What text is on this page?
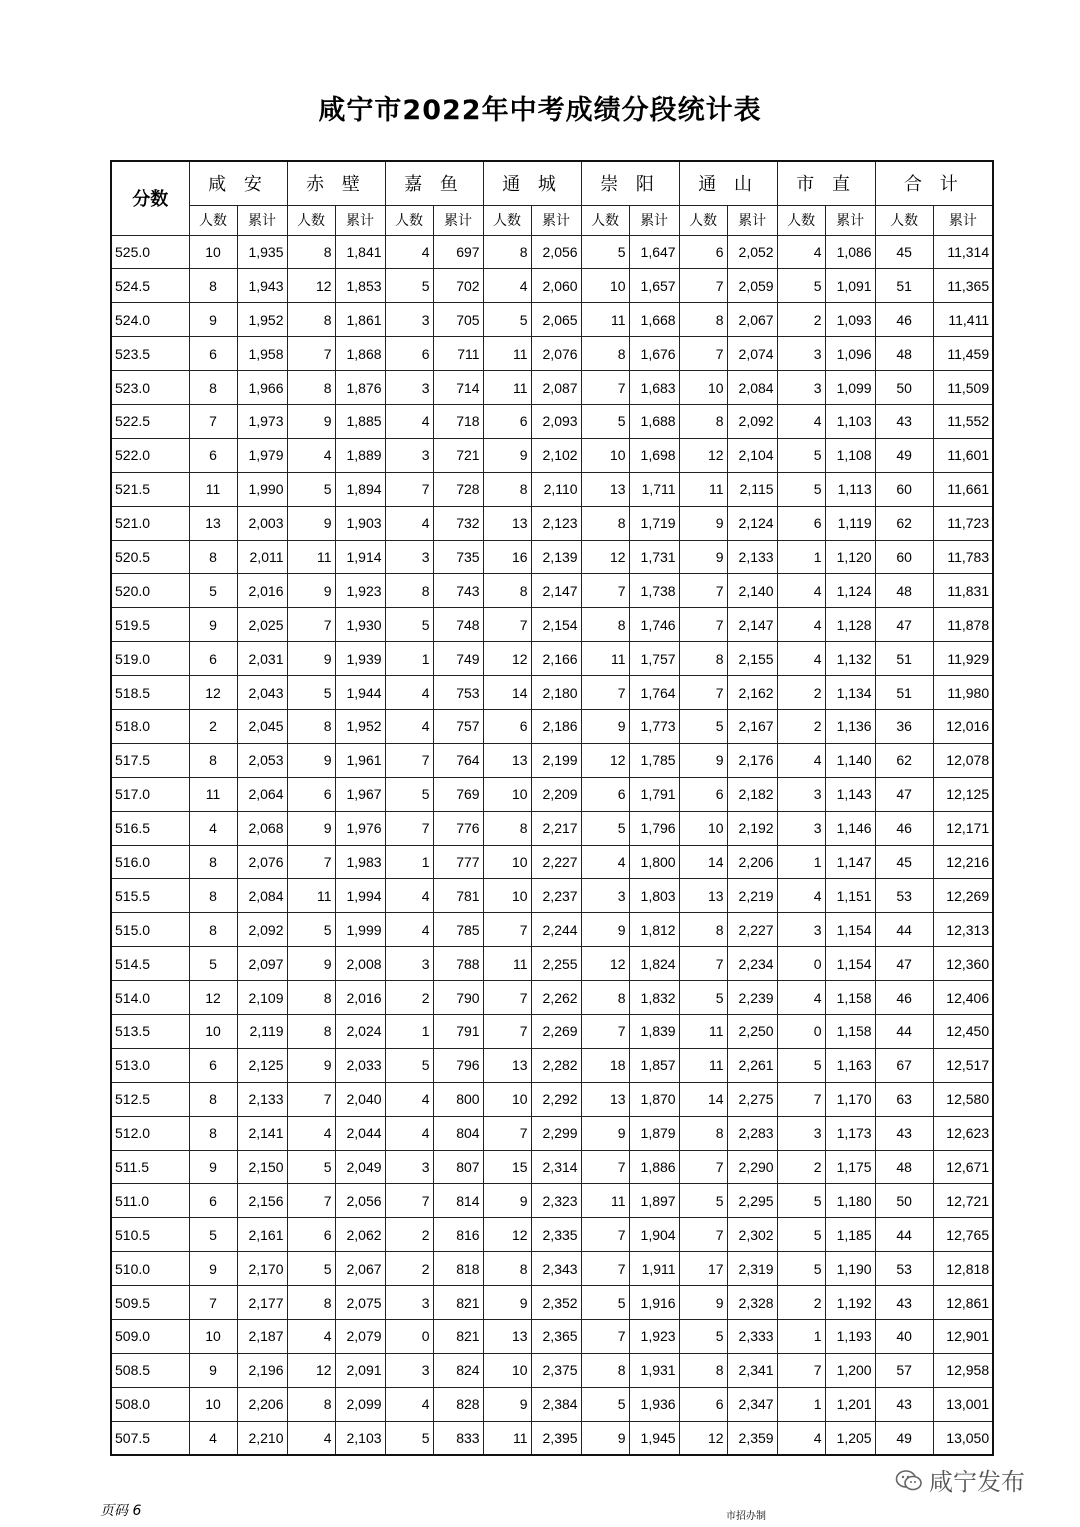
咸宁市2022年中考成绩分段统计表
分数	咸 安		赤 壁		嘉 鱼		通 城		崇 阳		通 山		市 直		合 计	
	人数	累计	人数	累计	人数	累计	人数	累计	人数	累计	人数	累计	人数	累计	人数	累计
525.0	10	1,935	8	1,841	4	697	8	2,056	5	1,647	6	2,052	4	1,086	45	11,314
524.5	8	1,943	12	1,853	5	702	4	2,060	10	1,657	7	2,059	5	1,091	51	11,365
524.0	9	1,952	8	1,861	3	705	5	2,065	11	1,668	8	2,067	2	1,093	46	11,411
523.5	6	1,958	7	1,868	6	711	11	2,076	8	1,676	7	2,074	3	1,096	48	11,459
523.0	8	1,966	8	1,876	3	714	11	2,087	7	1,683	10	2,084	3	1,099	50	11,509
522.5	7	1,973	9	1,885	4	718	6	2,093	5	1,688	8	2,092	4	1,103	43	11,552
522.0	6	1,979	4	1,889	3	721	9	2,102	10	1,698	12	2,104	5	1,108	49	11,601
521.5	11	1,990	5	1,894	7	728	8	2,110	13	1,711	11	2,115	5	1,113	60	11,661
521.0	13	2,003	9	1,903	4	732	13	2,123	8	1,719	9	2,124	6	1,119	62	11,723
520.5	8	2,011	11	1,914	3	735	16	2,139	12	1,731	9	2,133	1	1,120	60	11,783
520.0	5	2,016	9	1,923	8	743	8	2,147	7	1,738	7	2,140	4	1,124	48	11,831
519.5	9	2,025	7	1,930	5	748	7	2,154	8	1,746	7	2,147	4	1,128	47	11,878
519.0	6	2,031	9	1,939	1	749	12	2,166	11	1,757	8	2,155	4	1,132	51	11,929
518.5	12	2,043	5	1,944	4	753	14	2,180	7	1,764	7	2,162	2	1,134	51	11,980
518.0	2	2,045	8	1,952	4	757	6	2,186	9	1,773	5	2,167	2	1,136	36	12,016
517.5	8	2,053	9	1,961	7	764	13	2,199	12	1,785	9	2,176	4	1,140	62	12,078
517.0	11	2,064	6	1,967	5	769	10	2,209	6	1,791	6	2,182	3	1,143	47	12,125
516.5	4	2,068	9	1,976	7	776	8	2,217	5	1,796	10	2,192	3	1,146	46	12,171
516.0	8	2,076	7	1,983	1	777	10	2,227	4	1,800	14	2,206	1	1,147	45	12,216
515.5	8	2,084	11	1,994	4	781	10	2,237	3	1,803	13	2,219	4	1,151	53	12,269
515.0	8	2,092	5	1,999	4	785	7	2,244	9	1,812	8	2,227	3	1,154	44	12,313
514.5	5	2,097	9	2,008	3	788	11	2,255	12	1,824	7	2,234	0	1,154	47	12,360
514.0	12	2,109	8	2,016	2	790	7	2,262	8	1,832	5	2,239	4	1,158	46	12,406
513.5	10	2,119	8	2,024	1	791	7	2,269	7	1,839	11	2,250	0	1,158	44	12,450
513.0	6	2,125	9	2,033	5	796	13	2,282	18	1,857	11	2,261	5	1,163	67	12,517
512.5	8	2,133	7	2,040	4	800	10	2,292	13	1,870	14	2,275	7	1,170	63	12,580
512.0	8	2,141	4	2,044	4	804	7	2,299	9	1,879	8	2,283	3	1,173	43	12,623
511.5	9	2,150	5	2,049	3	807	15	2,314	7	1,886	7	2,290	2	1,175	48	12,671
511.0	6	2,156	7	2,056	7	814	9	2,323	11	1,897	5	2,295	5	1,180	50	12,721
510.5	5	2,161	6	2,062	2	816	12	2,335	7	1,904	7	2,302	5	1,185	44	12,765
510.0	9	2,170	5	2,067	2	818	8	2,343	7	1,911	17	2,319	5	1,190	53	12,818
509.5	7	2,177	8	2,075	3	821	9	2,352	5	1,916	9	2,328	2	1,192	43	12,861
509.0	10	2,187	4	2,079	0	821	13	2,365	7	1,923	5	2,333	1	1,193	40	12,901
508.5	9	2,196	12	2,091	3	824	10	2,375	8	1,931	8	2,341	7	1,200	57	12,958
508.0	10	2,206	8	2,099	4	828	9	2,384	5	1,936	6	2,347	1	1,201	43	13,001
507.5	4	2,210	4	2,103	5	833	11	2,395	9	1,945	12	2,359	4	1,205	49	13,050
咸宁发布
页码 6	市招办制
